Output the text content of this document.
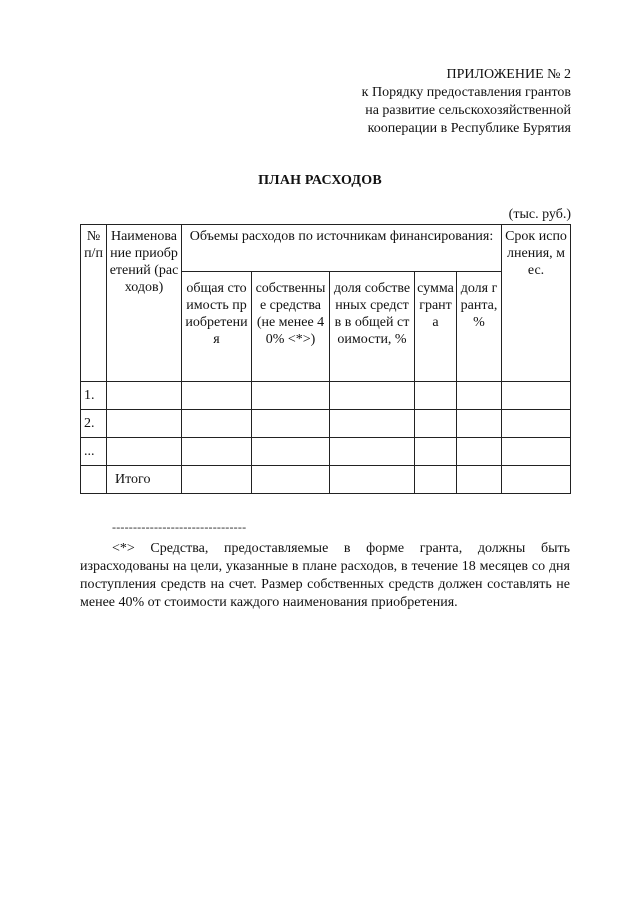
ПРИЛОЖЕНИЕ № 2
к Порядку предоставления грантов
на развитие сельскохозяйственной
кооперации в Республике Бурятия
ПЛАН РАСХОДОВ
(тыс. руб.)
№ п/п	Наименование приобретений (расходов)	Объемы расходов по источникам финансирования:					Срок исполнения, мес.
		общая стоимость приобретения	собственные средства (не менее 40% <*>)	доля собственных средств в общей стоимости, %	сумма гранта	доля гранта, %	
1.							
2.							
...							
	Итого						
--------------------------------
<*> Средства, предоставляемые в форме гранта, должны быть израсходованы на цели, указанные в плане расходов, в течение 18 месяцев со дня поступления средств на счет. Размер собственных средств должен составлять не менее 40% от стоимости каждого наименования приобретения.
